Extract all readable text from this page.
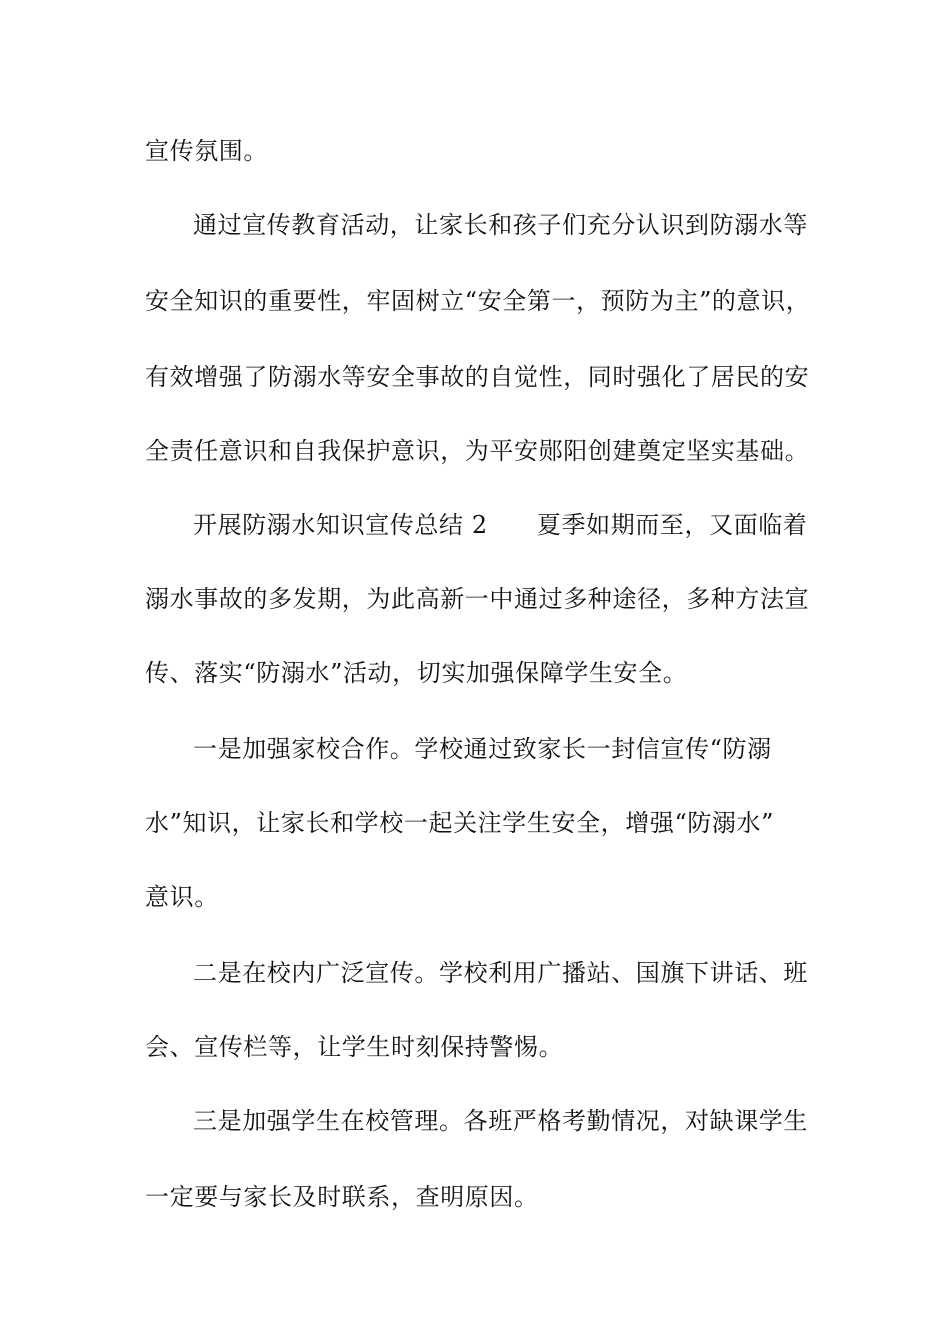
宣传氛围。
通过宣传教育活动，让家长和孩子们充分认识到防溺水等
安全知识的重要性，牢固树立“安全第一，预防为主”的意识，
有效增强了防溺水等安全事故的自觉性，同时强化了居民的安
全责任意识和自我保护意识，为平安郧阳创建奠定坚实基础。
开展防溺水知识宣传总结 2　　夏季如期而至，又面临着
溺水事故的多发期，为此高新一中通过多种途径，多种方法宣
传、落实“防溺水”活动，切实加强保障学生安全。
一是加强家校合作。学校通过致家长一封信宣传“防溺
水”知识，让家长和学校一起关注学生安全，增强“防溺水”
意识。
二是在校内广泛宣传。学校利用广播站、国旗下讲话、班
会、宣传栏等，让学生时刻保持警惕。
三是加强学生在校管理。各班严格考勤情况，对缺课学生
一定要与家长及时联系，查明原因。
